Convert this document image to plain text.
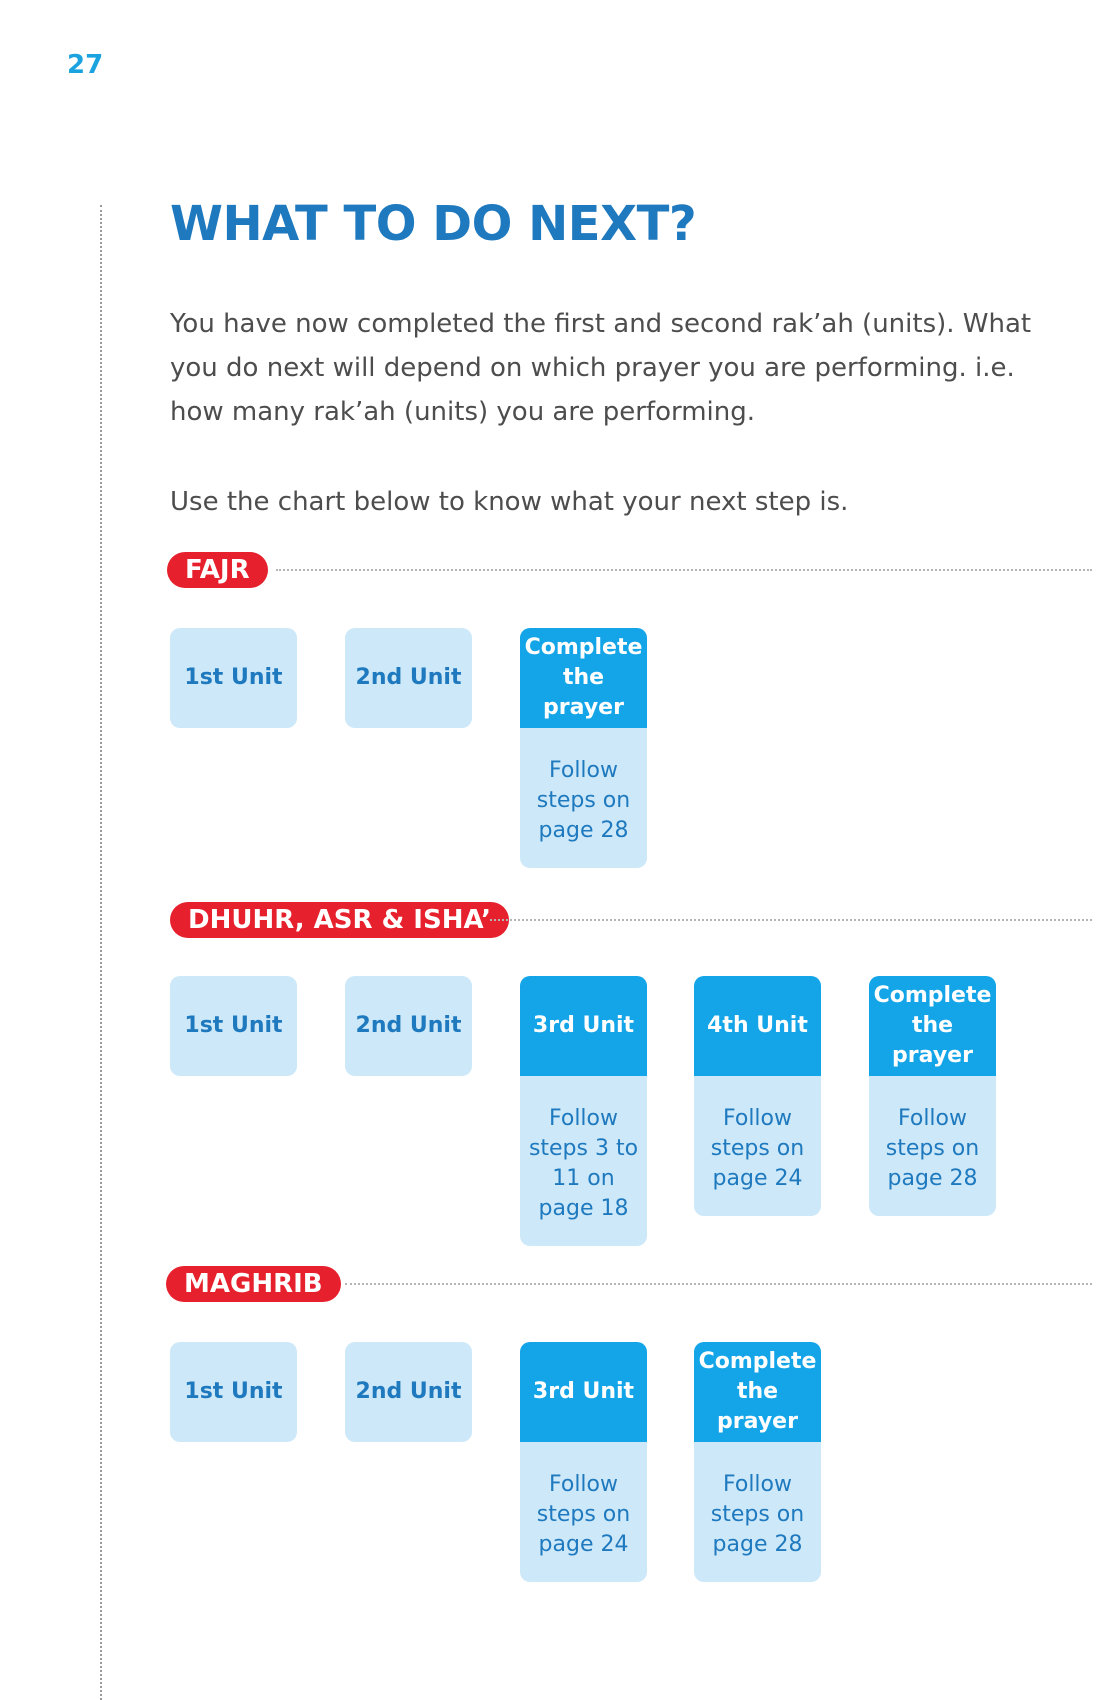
27
WHAT TO DO NEXT?

You have now completed the first and second rak’ah (units). What you do next will depend on which prayer you are performing. i.e. how many rak’ah (units) you are performing.

Use the chart below to know what your next step is.

FAJR
1st Unit	2nd Unit
Complete the prayer
Follow steps on page 28
DHUHR, ASR & ISHA’
1st Unit	2nd Unit	3rd Unit
Follow steps 3 to 11 on page 18
4th Unit
Follow steps on page 24
Complete the prayer
Follow steps on page 28
MAGHRIB
1st Unit	2nd Unit	3rd Unit
Follow steps on page 24
Complete the prayer
Follow steps on page 28
